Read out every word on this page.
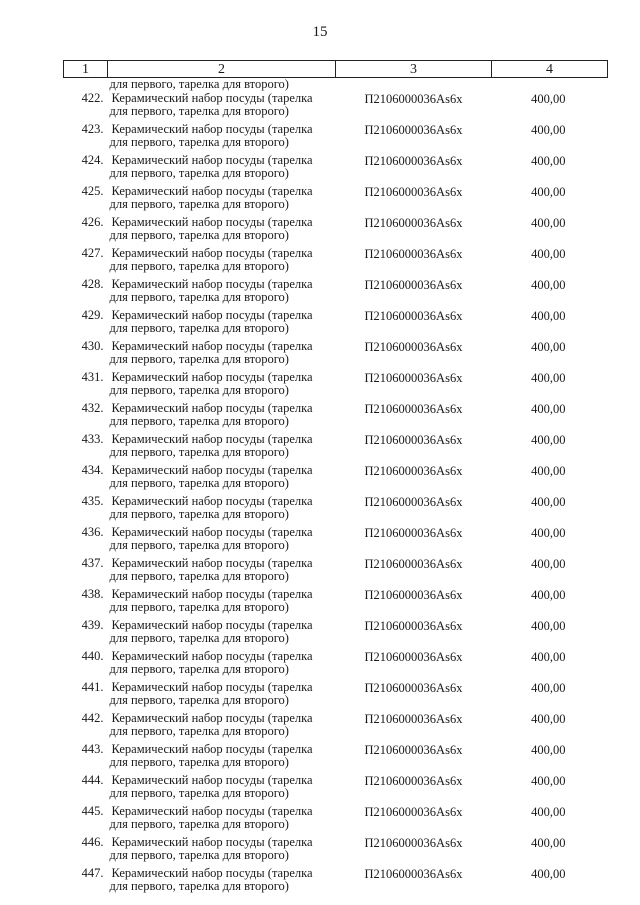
15
1	2	3	4

	для первого, тарелка для второго)		

422.	Керамический набор посуды (тарелка
для первого, тарелка для второго)	П2106000036Аs6х	400,00
423.	Керамический набор посуды (тарелка
для первого, тарелка для второго)	П2106000036Аs6х	400,00
424.	Керамический набор посуды (тарелка
для первого, тарелка для второго)	П2106000036Аs6х	400,00
425.	Керамический набор посуды (тарелка
для первого, тарелка для второго)	П2106000036Аs6х	400,00
426.	Керамический набор посуды (тарелка
для первого, тарелка для второго)	П2106000036Аs6х	400,00
427.	Керамический набор посуды (тарелка
для первого, тарелка для второго)	П2106000036Аs6х	400,00
428.	Керамический набор посуды (тарелка
для первого, тарелка для второго)	П2106000036Аs6х	400,00
429.	Керамический набор посуды (тарелка
для первого, тарелка для второго)	П2106000036Аs6х	400,00
430.	Керамический набор посуды (тарелка
для первого, тарелка для второго)	П2106000036Аs6х	400,00
431.	Керамический набор посуды (тарелка
для первого, тарелка для второго)	П2106000036Аs6х	400,00
432.	Керамический набор посуды (тарелка
для первого, тарелка для второго)	П2106000036Аs6х	400,00
433.	Керамический набор посуды (тарелка
для первого, тарелка для второго)	П2106000036Аs6х	400,00
434.	Керамический набор посуды (тарелка
для первого, тарелка для второго)	П2106000036Аs6х	400,00
435.	Керамический набор посуды (тарелка
для первого, тарелка для второго)	П2106000036Аs6х	400,00
436.	Керамический набор посуды (тарелка
для первого, тарелка для второго)	П2106000036Аs6х	400,00
437.	Керамический набор посуды (тарелка
для первого, тарелка для второго)	П2106000036Аs6х	400,00
438.	Керамический набор посуды (тарелка
для первого, тарелка для второго)	П2106000036Аs6х	400,00
439.	Керамический набор посуды (тарелка
для первого, тарелка для второго)	П2106000036Аs6х	400,00
440.	Керамический набор посуды (тарелка
для первого, тарелка для второго)	П2106000036Аs6х	400,00
441.	Керамический набор посуды (тарелка
для первого, тарелка для второго)	П2106000036Аs6х	400,00
442.	Керамический набор посуды (тарелка
для первого, тарелка для второго)	П2106000036Аs6х	400,00
443.	Керамический набор посуды (тарелка
для первого, тарелка для второго)	П2106000036Аs6х	400,00
444.	Керамический набор посуды (тарелка
для первого, тарелка для второго)	П2106000036Аs6х	400,00
445.	Керамический набор посуды (тарелка
для первого, тарелка для второго)	П2106000036Аs6х	400,00
446.	Керамический набор посуды (тарелка
для первого, тарелка для второго)	П2106000036Аs6х	400,00
447.	Керамический набор посуды (тарелка
для первого, тарелка для второго)	П2106000036Аs6х	400,00
